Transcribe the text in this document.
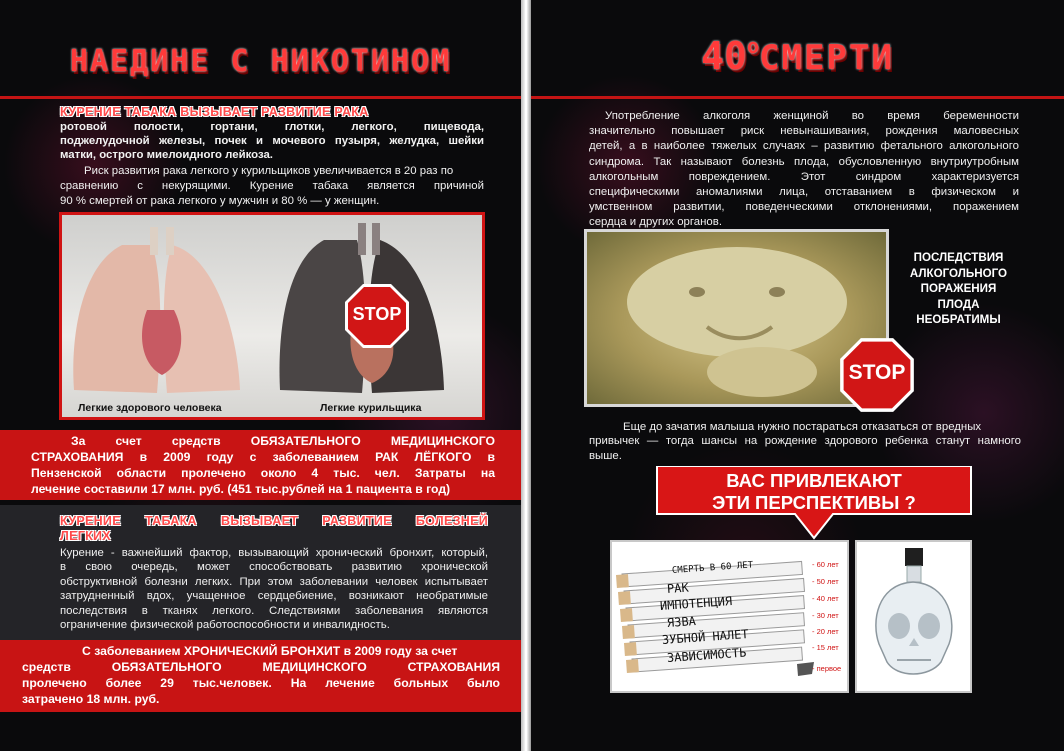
НАЕДИНЕ С НИКОТИНОМ
КУРЕНИЕ ТАБАКА ВЫЗЫВАЕТ РАЗВИТИЕ РАКА
ротовой полости, гортани, глотки, легкого, пищевода,
поджелудочной железы, почек и мочевого пузыря, желудка, шейки
матки, острого миелоидного лейкоза.
Риск развития рака легкого у курильщиков увеличивается в 20 раз по
сравнению с некурящими. Курение табака является причиной
90 % смертей от рака легкого у мужчин и 80 % — у женщин.
STOP
Легкие здорового человека	Легкие курильщика
За счет средств ОБЯЗАТЕЛЬНОГО МЕДИЦИНСКОГО
СТРАХОВАНИЯ в 2009 году с заболеванием РАК ЛЁГКОГО в
Пензенской области пролечено около 4 тыс. чел. Затраты на
лечение составили 17 млн. руб. (451 тыс.рублей на 1 пациента в год)
КУРЕНИЕ ТАБАКА ВЫЗЫВАЕТ РАЗВИТИЕ БОЛЕЗНЕЙ
ЛЕГКИХ
Курение - важнейший фактор, вызывающий хронический бронхит, который,
в свою очередь, может способствовать развитию хронической
обструктивной болезни легких. При этом заболевании человек испытывает
затрудненный вдох, учащенное сердцебиение, возникают необратимые
последствия в тканях легкого. Следствиями заболевания являются
ограничение физической работоспособности и инвалидность.
С заболеванием ХРОНИЧЕСКИЙ БРОНХИТ в 2009 году за счет
средств ОБЯЗАТЕЛЬНОГО МЕДИЦИНСКОГО СТРАХОВАНИЯ
пролечено более 29 тыс.человек. На лечение больных было
затрачено 18 млн. руб.
40оСМЕРТИ
Употребление алкоголя женщиной во время беременности
значительно повышает риск невынашивания, рождения маловесных
детей, а в наиболее тяжелых случаях – развитию фетального алкогольного
синдрома. Так называют болезнь плода, обусловленную внутриутробным
алкогольным повреждением. Этот синдром характеризуется
специфическими аномалиями лица, отставанием в физическом и
умственном развитии, поведенческими отклонениями, поражением
сердца и других органов.
STOP
ПОСЛЕДСТВИЯ
АЛКОГОЛЬНОГО
ПОРАЖЕНИЯ
ПЛОДА
НЕОБРАТИМЫ
Еще до зачатия малыша нужно постараться отказаться от вредных
привычек — тогда шансы на рождение здорового ребенка станут намного
выше.
ВАС ПРИВЛЕКАЮТ
ЭТИ ПЕРСПЕКТИВЫ ?
СМЕРТЬ В 60 ЛЕТ
РАК
ИМПОТЕНЦИЯ
ЯЗВА
ЗУБНОЙ НАЛЕТ
ЗАВИСИМОСТЬ
- 60 лет
- 50 лет
- 40 лет
- 30 лет
- 20 лет
- 15 лет
- первое
